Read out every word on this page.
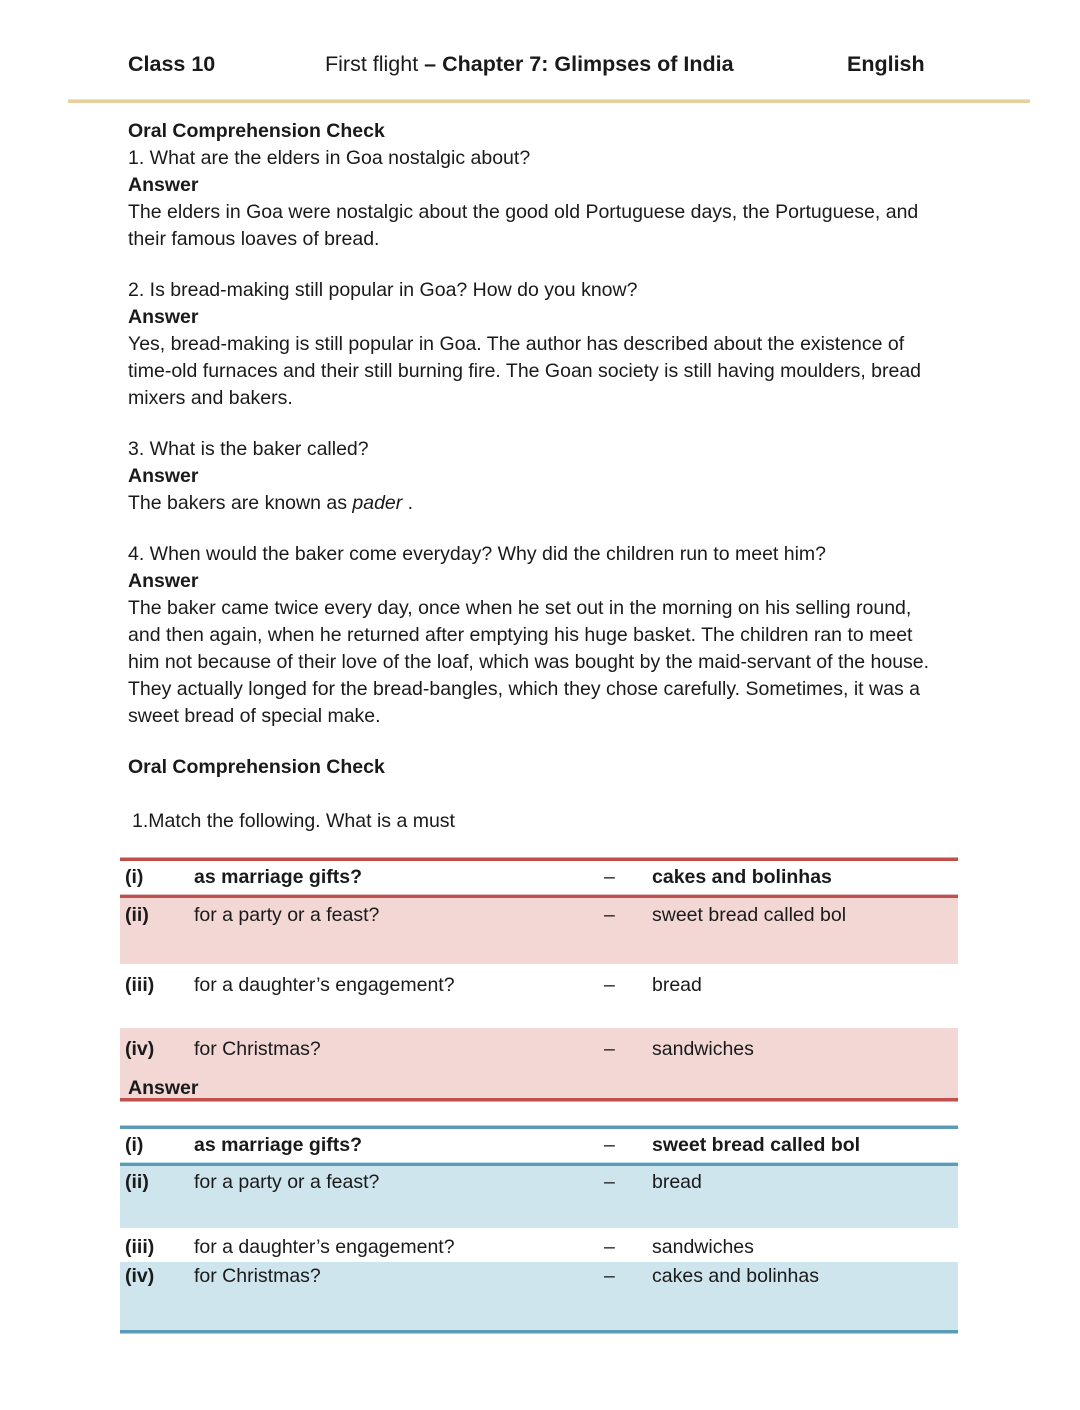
Class 10	First flight – Chapter 7: Glimpses of India	English

Oral Comprehension Check

1. What are the elders in Goa nostalgic about?

Answer

The elders in Goa were nostalgic about the good old Portuguese days, the Portuguese, and their famous loaves of bread.

2. Is bread-making still popular in Goa? How do you know?

Answer

Yes, bread-making is still popular in Goa. The author has described about the existence of time-old furnaces and their still burning fire. The Goan society is still having moulders, bread mixers and bakers.

3. What is the baker called?

Answer

The bakers are known as pader .

4. When would the baker come everyday? Why did the children run to meet him?

Answer

The baker came twice every day, once when he set out in the morning on his selling round, and then again, when he returned after emptying his huge basket. The children ran to meet him not because of their love of the loaf, which was bought by the maid-servant of the house. They actually longed for the bread-bangles, which they chose carefully. Sometimes, it was a sweet bread of special make.

Oral Comprehension Check

1.Match the following. What is a must

(i)	as marriage gifts?	–	cakes and bolinhas
(ii)	for a party or a feast?	–	sweet bread called bol
(iii)	for a daughter’s engagement?	–	bread
(iv)	for Christmas?	–	sandwiches
Answer
(i)	as marriage gifts?	–	sweet bread called bol
(ii)	for a party or a feast?	–	bread
(iii)	for a daughter’s engagement?	–	sandwiches
(iv)	for Christmas?	–	cakes and bolinhas
